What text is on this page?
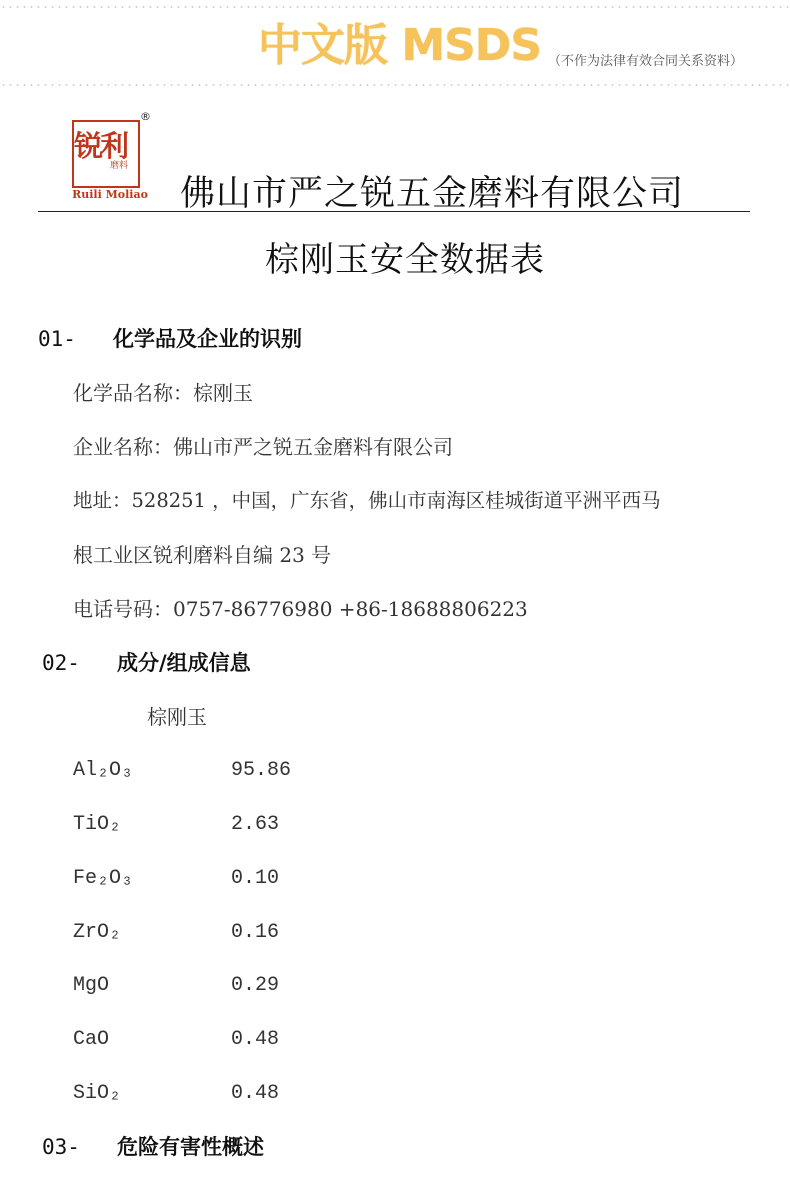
中文版 MSDS （不作为法律有效合同关系资料）
锐利
磨料
®
Ruili Moliao 佛山市严之锐五金磨料有限公司
棕刚玉安全数据表
01- 化学品及企业的识别
化学品名称：棕刚玉
企业名称：佛山市严之锐五金磨料有限公司
地址：528251 ，中国，广东省，佛山市南海区桂城街道平洲平西马
根工业区锐利磨料自编 23 号
电话号码：0757-86776980 +86-18688806223
02- 成分/组成信息
棕刚玉
Al₂O₃	95.86
TiO₂	2.63
Fe₂O₃	0.10
ZrO₂	0.16
MgO	0.29
CaO	0.48
SiO₂	0.48
03- 危险有害性概述
